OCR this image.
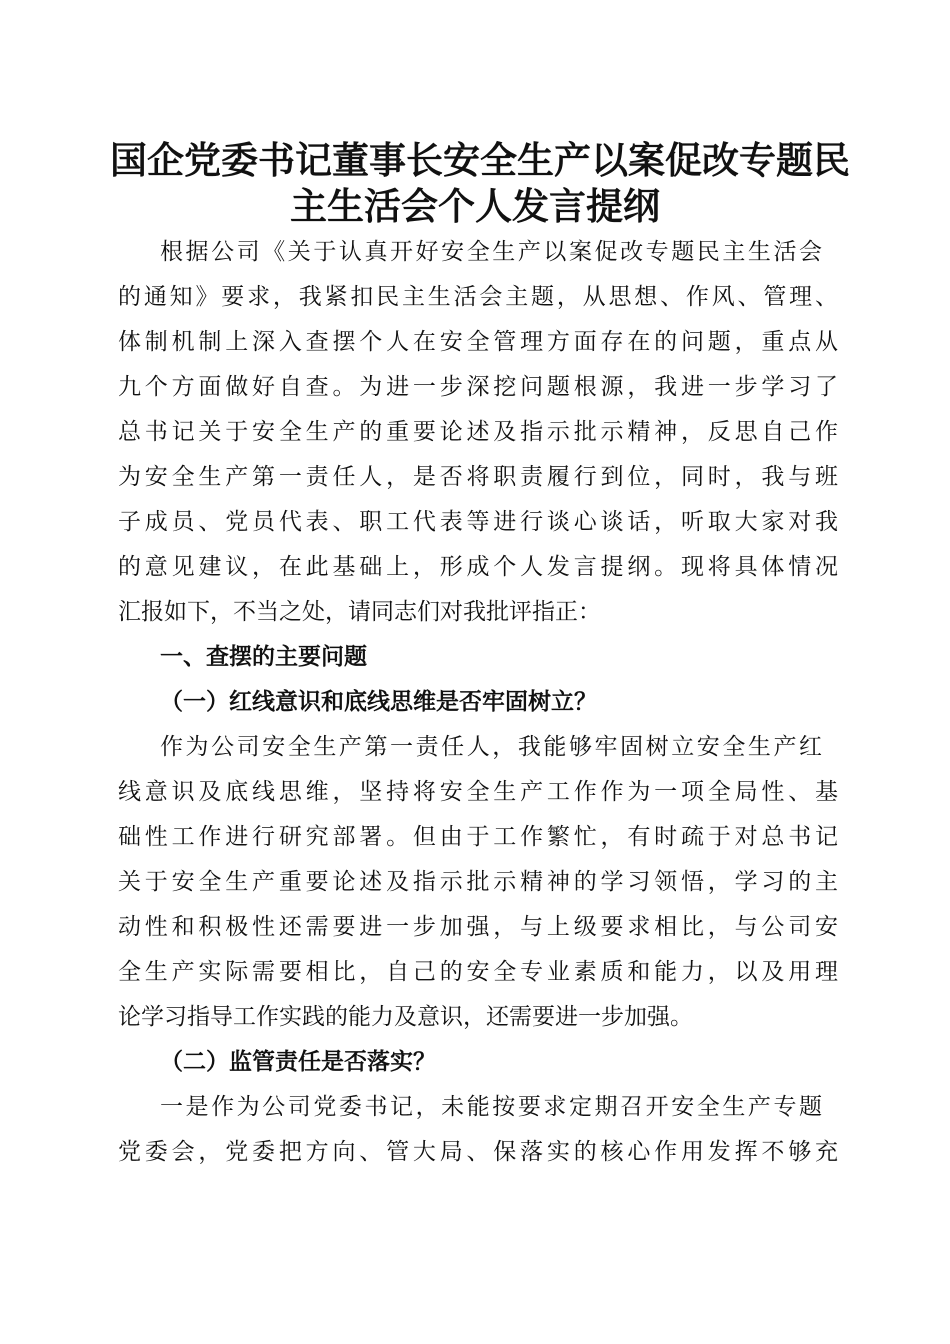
国企党委书记董事长安全生产以案促改专题民
主生活会个人发言提纲

根据公司《关于认真开好安全生产以案促改专题民主生活会

的通知》要求，我紧扣民主生活会主题，从思想、作风、管理、

体制机制上深入查摆个人在安全管理方面存在的问题，重点从

九个方面做好自查。为进一步深挖问题根源，我进一步学习了

总书记关于安全生产的重要论述及指示批示精神，反思自己作

为安全生产第一责任人，是否将职责履行到位，同时，我与班

子成员、党员代表、职工代表等进行谈心谈话，听取大家对我

的意见建议，在此基础上，形成个人发言提纲。现将具体情况

汇报如下，不当之处，请同志们对我批评指正：

一、查摆的主要问题
（一）红线意识和底线思维是否牢固树立？

作为公司安全生产第一责任人，我能够牢固树立安全生产红

线意识及底线思维，坚持将安全生产工作作为一项全局性、基

础性工作进行研究部署。但由于工作繁忙，有时疏于对总书记

关于安全生产重要论述及指示批示精神的学习领悟，学习的主

动性和积极性还需要进一步加强，与上级要求相比，与公司安

全生产实际需要相比，自己的安全专业素质和能力，以及用理

论学习指导工作实践的能力及意识，还需要进一步加强。

（二）监管责任是否落实？

一是作为公司党委书记，未能按要求定期召开安全生产专题

党委会，党委把方向、管大局、保落实的核心作用发挥不够充
